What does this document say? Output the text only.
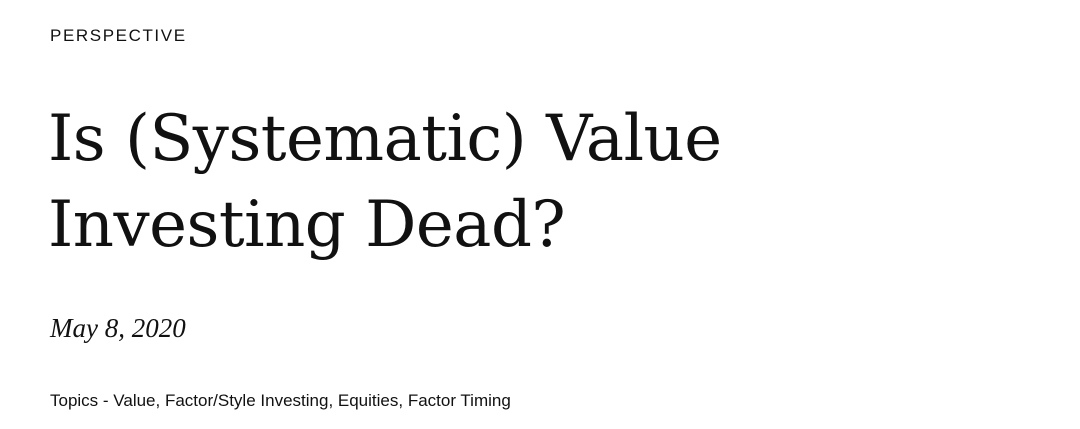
PERSPECTIVE
Is (Systematic) Value
Investing Dead?
May 8, 2020
Topics - Value, Factor/Style Investing, Equities, Factor Timing
